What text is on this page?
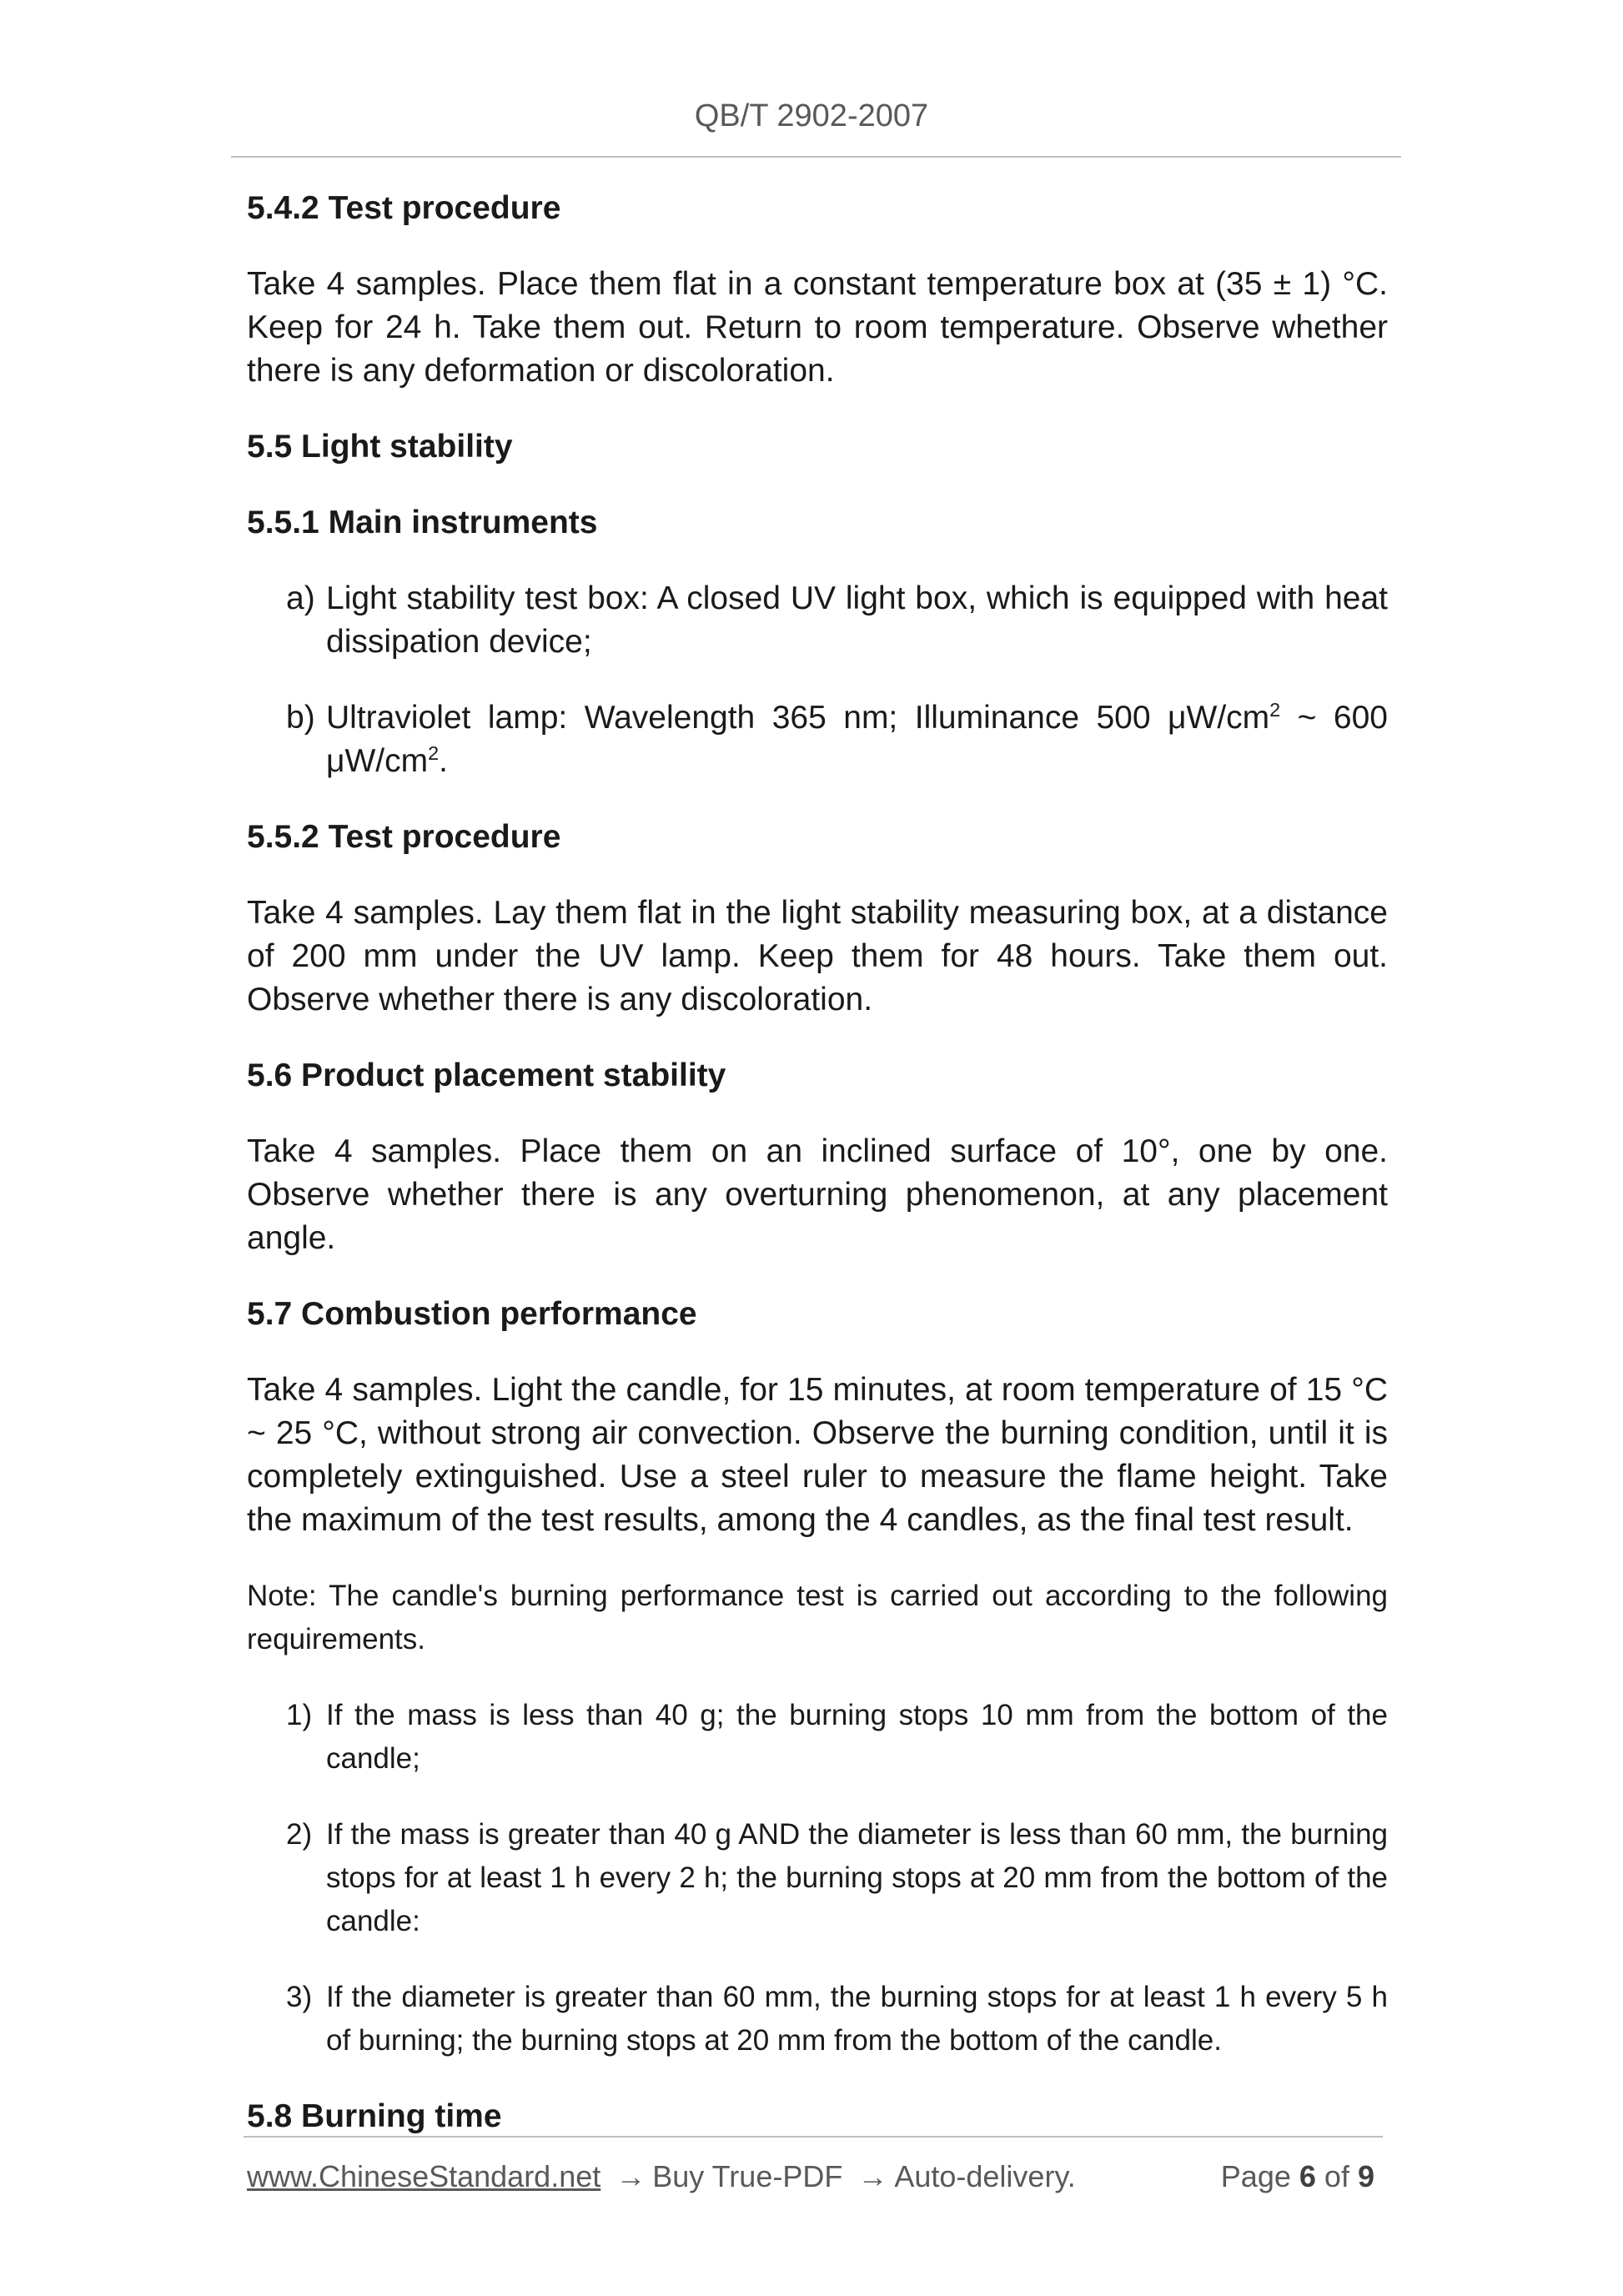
QB/T 2902-2007
5.4.2 Test procedure
Take 4 samples. Place them flat in a constant temperature box at (35 ± 1) °C. Keep for 24 h. Take them out. Return to room temperature. Observe whether there is any deformation or discoloration.
5.5 Light stability
5.5.1 Main instruments
a) Light stability test box: A closed UV light box, which is equipped with heat dissipation device;
b) Ultraviolet lamp: Wavelength 365 nm; Illuminance 500 $\mu W/cm^2$ ~ 600 $\mu W/cm^2$.
5.5.2 Test procedure
Take 4 samples. Lay them flat in the light stability measuring box, at a distance of 200 mm under the UV lamp. Keep them for 48 hours. Take them out. Observe whether there is any discoloration.
5.6 Product placement stability
Take 4 samples. Place them on an inclined surface of 10°, one by one. Observe whether there is any overturning phenomenon, at any placement angle.
5.7 Combustion performance
Take 4 samples. Light the candle, for 15 minutes, at room temperature of 15 °C ~ 25 °C, without strong air convection. Observe the burning condition, until it is completely extinguished. Use a steel ruler to measure the flame height. Take the maximum of the test results, among the 4 candles, as the final test result.
Note: The candle's burning performance test is carried out according to the following requirements.
1) If the mass is less than 40 g; the burning stops 10 mm from the bottom of the candle;
2) If the mass is greater than 40 g AND the diameter is less than 60 mm, the burning stops for at least 1 h every 2 h; the burning stops at 20 mm from the bottom of the candle:
3) If the diameter is greater than 60 mm, the burning stops for at least 1 h every 5 h of burning; the burning stops at 20 mm from the bottom of the candle.
5.8 Burning time
www.ChineseStandard.net → Buy True-PDF → Auto-delivery.	Page 6 of 9
